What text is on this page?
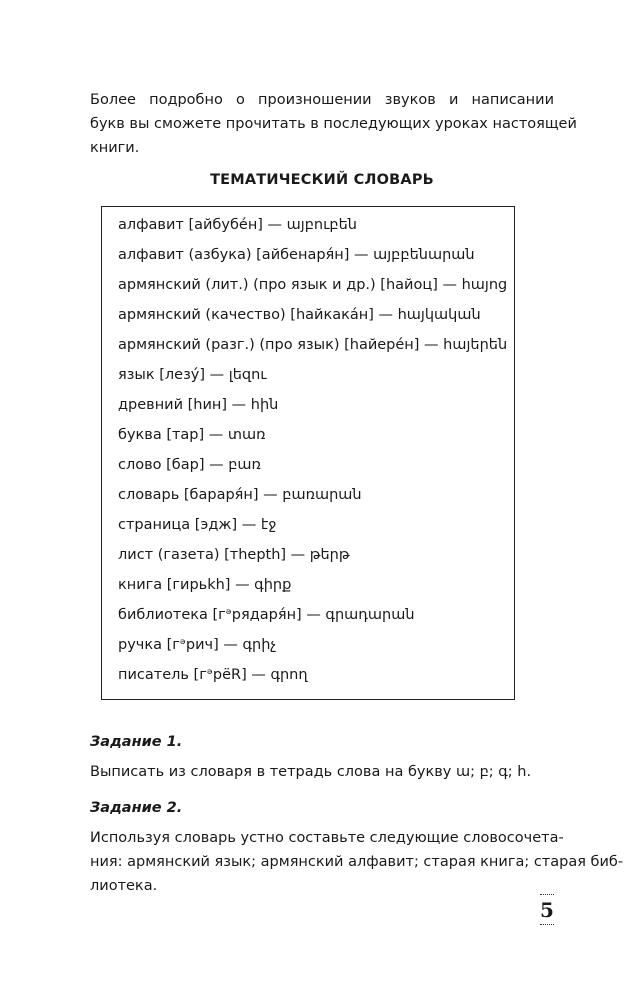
Более подробно о произношении звуков и написании
букв вы сможете прочитать в последующих уроках настоящей
книги.
ТЕМАТИЧЕСКИЙ СЛОВАРЬ
алфавит [айбубе́н] — այբուբեն
алфавит (азбука) [айбенаря́н] — այբբենարան
армянский (лит.) (про язык и др.) [hайоц] — հայոց
армянский (качество) [hайкака́н] — հայկական
армянский (разг.) (про язык) [hайере́н] — հայերեն
язык [лезу́] — լեզու
древний [hин] — հին
буква [тар] — տառ
слово [бар] — բառ
словарь [бараря́н] — բառարան
страница [эдж] — էջ
лист (газета) [тhерth] — թերթ
книга [гирьkh] — գիրք
библиотека [гᵊрядаря́н] — գրադարան
ручка [гᵊрич] — գրիչ
писатель [гᵊрёR] — գրող
Задание 1.
Выписать из словаря в тетрадь слова на букву ա; բ; գ; հ.
Задание 2.
Используя словарь устно составьте следующие словосочета-
ния: армянский язык; армянский алфавит; старая книга; старая биб-
лиотека.
5
